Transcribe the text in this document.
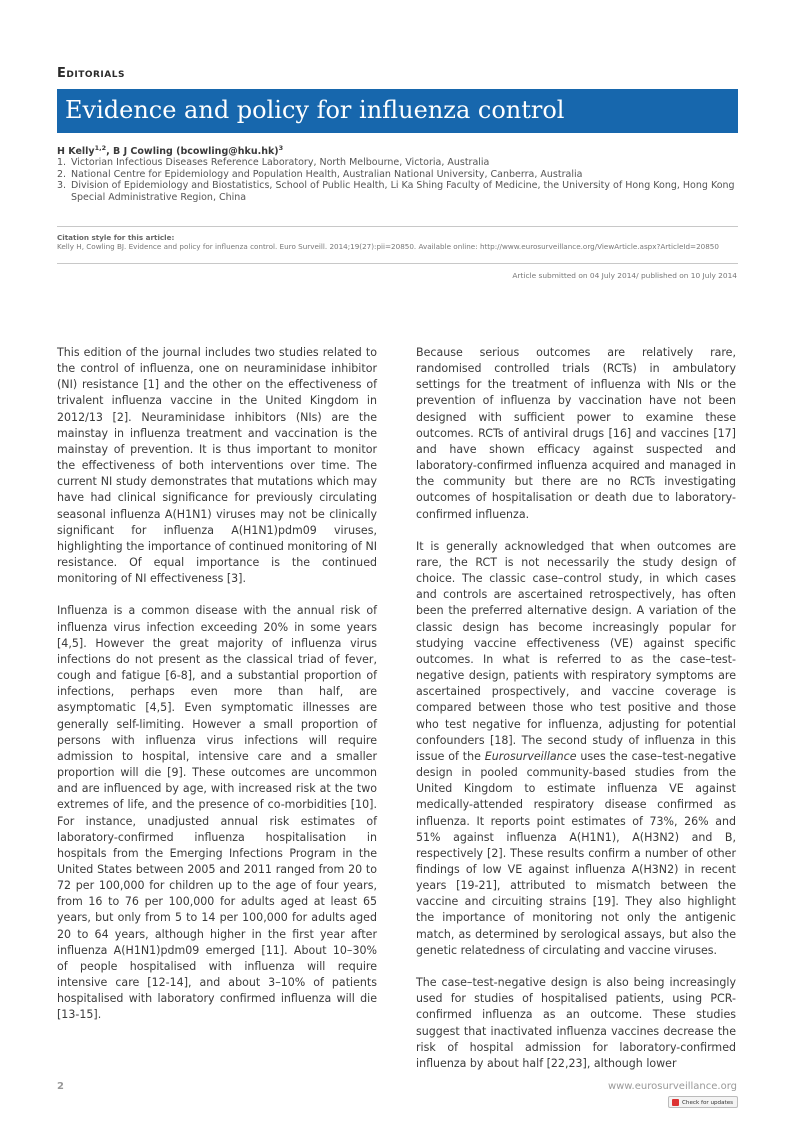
Editorials
Evidence and policy for influenza control
H Kelly$^{1,2}$, B J Cowling (bcowling@hku.hk)$^3$
1. Victorian Infectious Diseases Reference Laboratory, North Melbourne, Victoria, Australia
2. National Centre for Epidemiology and Population Health, Australian National University, Canberra, Australia
3. Division of Epidemiology and Biostatistics, School of Public Health, Li Ka Shing Faculty of Medicine, the University of Hong Kong, Hong Kong Special Administrative Region, China
Citation style for this article:
Kelly H, Cowling BJ. Evidence and policy for influenza control. Euro Surveill. 2014;19(27):pii=20850. Available online: http://www.eurosurveillance.org/ViewArticle.aspx?ArticleId=20850
Article submitted on 04 July 2014/ published on 10 July 2014

This edition of the journal includes two studies related to the control of influenza, one on neuraminidase inhibitor (NI) resistance [1] and the other on the effectiveness of trivalent influenza vaccine in the United Kingdom in 2012/13 [2]. Neuraminidase inhibitors (NIs) are the mainstay in influenza treatment and vaccination is the mainstay of prevention. It is thus important to monitor the effectiveness of both interventions over time. The current NI study demonstrates that mutations which may have had clinical significance for previously circulating seasonal influenza A(H1N1) viruses may not be clinically significant for influenza A(H1N1)pdm09 viruses, highlighting the importance of continued monitoring of NI resistance. Of equal importance is the continued monitoring of NI effectiveness [3].

Influenza is a common disease with the annual risk of influenza virus infection exceeding 20% in some years [4,5]. However the great majority of influenza virus infections do not present as the classical triad of fever, cough and fatigue [6-8], and a substantial proportion of infections, perhaps even more than half, are asymptomatic [4,5]. Even symptomatic illnesses are generally self-limiting. However a small proportion of persons with influenza virus infections will require admission to hospital, intensive care and a smaller proportion will die [9]. These outcomes are uncommon and are influenced by age, with increased risk at the two extremes of life, and the presence of co-morbidities [10]. For instance, unadjusted annual risk estimates of laboratory-confirmed influenza hospitalisation in hospitals from the Emerging Infections Program in the United States between 2005 and 2011 ranged from 20 to 72 per 100,000 for children up to the age of four years, from 16 to 76 per 100,000 for adults aged at least 65 years, but only from 5 to 14 per 100,000 for adults aged 20 to 64 years, although higher in the first year after influenza A(H1N1)pdm09 emerged [11]. About 10–30% of people hospitalised with influenza will require intensive care [12-14], and about 3–10% of patients hospitalised with laboratory confirmed influenza will die [13-15].

Because serious outcomes are relatively rare, randomised controlled trials (RCTs) in ambulatory settings for the treatment of influenza with NIs or the prevention of influenza by vaccination have not been designed with sufficient power to examine these outcomes. RCTs of antiviral drugs [16] and vaccines [17] and have shown efficacy against suspected and laboratory-confirmed influenza acquired and managed in the community but there are no RCTs investigating outcomes of hospitalisation or death due to laboratory-confirmed influenza.

It is generally acknowledged that when outcomes are rare, the RCT is not necessarily the study design of choice. The classic case–control study, in which cases and controls are ascertained retrospectively, has often been the preferred alternative design. A variation of the classic design has become increasingly popular for studying vaccine effectiveness (VE) against specific outcomes. In what is referred to as the case–test-negative design, patients with respiratory symptoms are ascertained prospectively, and vaccine coverage is compared between those who test positive and those who test negative for influenza, adjusting for potential confounders [18]. The second study of influenza in this issue of the Eurosurveillance uses the case–test-negative design in pooled community-based studies from the United Kingdom to estimate influenza VE against medically-attended respiratory disease confirmed as influenza. It reports point estimates of 73%, 26% and 51% against influenza A(H1N1), A(H3N2) and B, respectively [2]. These results confirm a number of other findings of low VE against influenza A(H3N2) in recent years [19-21], attributed to mismatch between the vaccine and circuiting strains [19]. They also highlight the importance of monitoring not only the antigenic match, as determined by serological assays, but also the genetic relatedness of circulating and vaccine viruses.

The case–test-negative design is also being increasingly used for studies of hospitalised patients, using PCR-confirmed influenza as an outcome. These studies suggest that inactivated influenza vaccines decrease the risk of hospital admission for laboratory-confirmed influenza by about half [22,23], although lower

2	www.eurosurveillance.org
Check for updates
